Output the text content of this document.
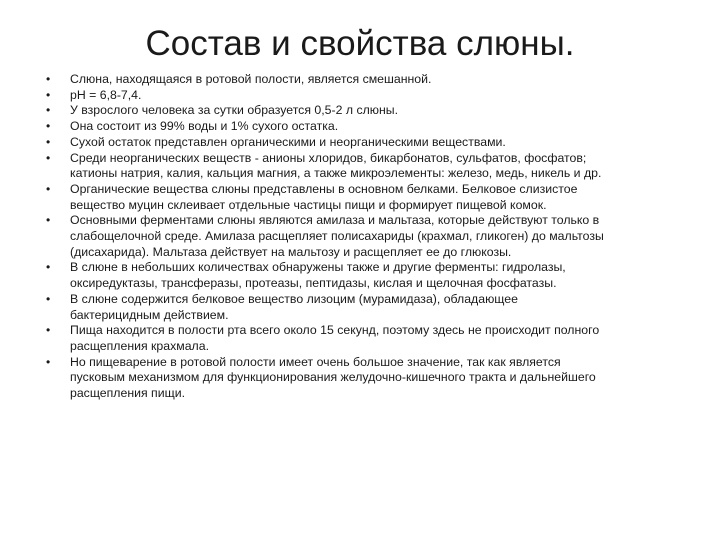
Состав и свойства слюны.
•	Слюна, находящаяся в ротовой полости, является смешанной.
•	pH = 6,8-7,4.
•	У взрослого человека за сутки образуется 0,5-2 л слюны.
•	Она состоит из 99% воды и 1% сухого остатка.
•	Сухой остаток представлен органическими и неорганическими веществами.
•	Среди неорганических веществ - анионы хлоридов, бикарбонатов, сульфатов, фосфатов;
катионы натрия, калия, кальция магния, а также микроэлементы: железо, медь, никель и др.
•	Органические вещества слюны представлены в основном белками. Белковое слизистое
вещество муцин склеивает отдельные частицы пищи и формирует пищевой комок.
•	Основными ферментами слюны являются амилаза и мальтаза, которые действуют только в
слабощелочной среде. Амилаза расщепляет полисахариды (крахмал, гликоген) до мальтозы
(дисахарида). Мальтаза действует на мальтозу и расщепляет ее до глюкозы.
•	В слюне в небольших количествах обнаружены также и другие ферменты: гидролазы,
оксиредуктазы, трансферазы, протеазы, пептидазы, кислая и щелочная фосфатазы.
•	В слюне содержится белковое вещество лизоцим (мурамидаза), обладающее
бактерицидным действием.
•	Пища находится в полости рта всего около 15 секунд, поэтому здесь не происходит полного
расщепления крахмала.
•	Но пищеварение в ротовой полости имеет очень большое значение, так как является
пусковым механизмом для функционирования желудочно-кишечного тракта и дальнейшего
расщепления пищи.
